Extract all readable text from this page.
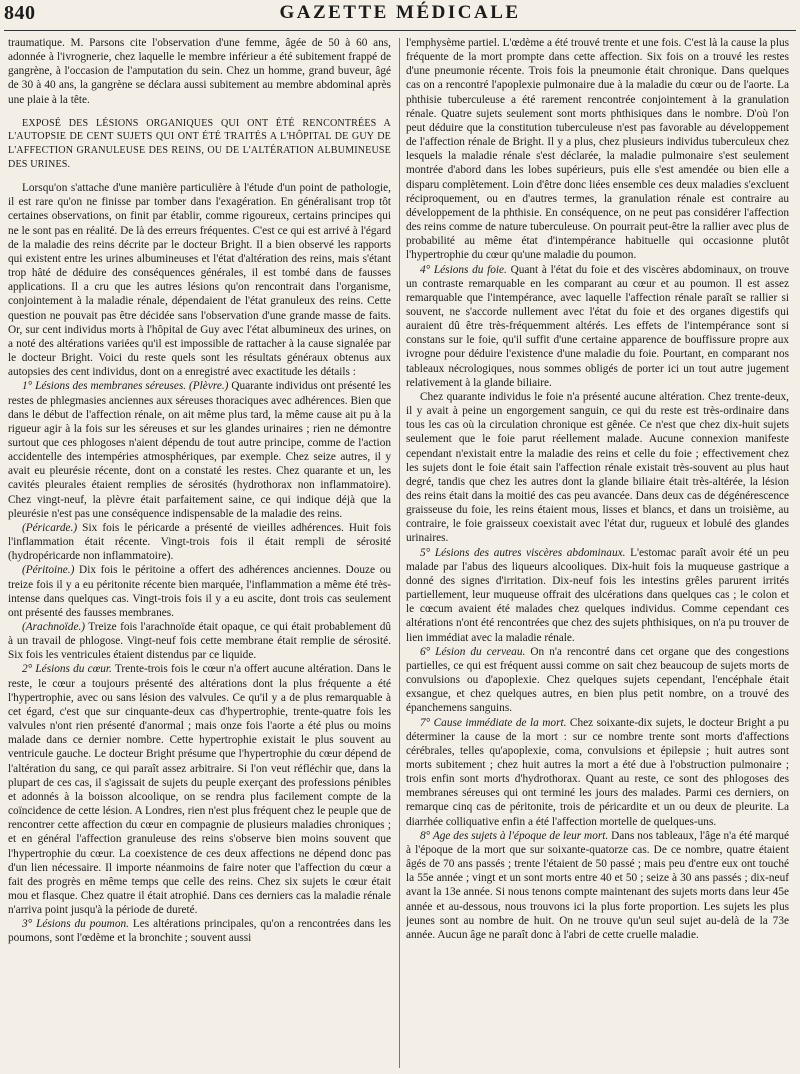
840	GAZETTE MÉDICALE

traumatique. M. Parsons cite l'observation d'une femme, âgée de 50 à 60 ans, adonnée à l'ivrognerie, chez laquelle le membre inférieur a été subitement frappé de gangrène, à l'occasion de l'amputation du sein. Chez un homme, grand buveur, âgé de 30 à 40 ans, la gangrène se déclara aussi subitement au membre abdominal après une plaie à la tête.

EXPOSÉ DES LÉSIONS ORGANIQUES QUI ONT ÉTÉ RENCONTRÉES A L'AUTOPSIE DE CENT SUJETS QUI ONT ÉTÉ TRAITÉS A L'HÔPITAL DE GUY DE L'AFFECTION GRANULEUSE DES REINS, OU DE L'ALTÉRATION ALBUMINEUSE DES URINES.

Lorsqu'on s'attache d'une manière particulière à l'étude d'un point de pathologie, il est rare qu'on ne finisse par tomber dans l'exagération. En généralisant trop tôt certaines observations, on finit par établir, comme rigoureux, certains principes qui ne le sont pas en réalité. De là des erreurs fréquentes. C'est ce qui est arrivé à l'égard de la maladie des reins décrite par le docteur Bright. Il a bien observé les rapports qui existent entre les urines albumineuses et l'état d'altération des reins, mais s'étant trop hâté de déduire des conséquences générales, il est tombé dans de fausses applications. Il a cru que les autres lésions qu'on rencontrait dans l'organisme, conjointement à la maladie rénale, dépendaient de l'état granuleux des reins. Cette question ne pouvait pas être décidée sans l'observation d'une grande masse de faits. Or, sur cent individus morts à l'hôpital de Guy avec l'état albumineux des urines, on a noté des altérations variées qu'il est impossible de rattacher à la cause signalée par le docteur Bright. Voici du reste quels sont les résultats généraux obtenus aux autopsies des cent individus, dont on a enregistré avec exactitude les détails :

1° Lésions des membranes séreuses. (Plèvre.) Quarante individus ont présenté les restes de phlegmasies anciennes aux séreuses thoraciques avec adhérences. Bien que dans le début de l'affection rénale, on ait même plus tard, la même cause ait pu à la rigueur agir à la fois sur les séreuses et sur les glandes urinaires ; rien ne démontre surtout que ces phlogoses n'aient dépendu de tout autre principe, comme de l'action accidentelle des intempéries atmosphériques, par exemple. Chez seize autres, il y avait eu pleurésie récente, dont on a constaté les restes. Chez quarante et un, les cavités pleurales étaient remplies de sérosités (hydrothorax non inflammatoire). Chez vingt-neuf, la plèvre était parfaitement saine, ce qui indique déjà que la pleurésie n'est pas une conséquence indispensable de la maladie des reins.

(Péricarde.) Six fois le péricarde a présenté de vieilles adhérences. Huit fois l'inflammation était récente. Vingt-trois fois il était rempli de sérosité (hydropéricarde non inflammatoire).

(Péritoine.) Dix fois le péritoine a offert des adhérences anciennes. Douze ou treize fois il y a eu péritonite récente bien marquée, l'inflammation a même été très-intense dans quelques cas. Vingt-trois fois il y a eu ascite, dont trois cas seulement ont présenté des fausses membranes.

(Arachnoïde.) Treize fois l'arachnoïde était opaque, ce qui était probablement dû à un travail de phlogose. Vingt-neuf fois cette membrane était remplie de sérosité. Six fois les ventricules étaient distendus par ce liquide.

2° Lésions du cœur. Trente-trois fois le cœur n'a offert aucune altération. Dans le reste, le cœur a toujours présenté des altérations dont la plus fréquente a été l'hypertrophie, avec ou sans lésion des valvules. Ce qu'il y a de plus remarquable à cet égard, c'est que sur cinquante-deux cas d'hypertrophie, trente-quatre fois les valvules n'ont rien présenté d'anormal ; mais onze fois l'aorte a été plus ou moins malade dans ce dernier nombre. Cette hypertrophie existait le plus souvent au ventricule gauche. Le docteur Bright présume que l'hypertrophie du cœur dépend de l'altération du sang, ce qui paraît assez arbitraire. Si l'on veut réfléchir que, dans la plupart de ces cas, il s'agissait de sujets du peuple exerçant des professions pénibles et adonnés à la boisson alcoolique, on se rendra plus facilement compte de la coïncidence de cette lésion. A Londres, rien n'est plus fréquent chez le peuple que de rencontrer cette affection du cœur en compagnie de plusieurs maladies chroniques ; et en général l'affection granuleuse des reins s'observe bien moins souvent que l'hypertrophie du cœur. La coexistence de ces deux affections ne dépend donc pas d'un lien nécessaire. Il importe néanmoins de faire noter que l'affection du cœur a fait des progrès en même temps que celle des reins. Chez six sujets le cœur était mou et flasque. Chez quatre il était atrophié. Dans ces derniers cas la maladie rénale n'arriva point jusqu'à la période de dureté.

3° Lésions du poumon. Les altérations principales, qu'on a rencontrées dans les poumons, sont l'œdème et la bronchite ; souvent aussi

l'emphysème partiel. L'œdème a été trouvé trente et une fois. C'est là la cause la plus fréquente de la mort prompte dans cette affection. Six fois on a trouvé les restes d'une pneumonie récente. Trois fois la pneumonie était chronique. Dans quelques cas on a rencontré l'apoplexie pulmonaire due à la maladie du cœur ou de l'aorte. La phthisie tuberculeuse a été rarement rencontrée conjointement à la granulation rénale. Quatre sujets seulement sont morts phthisiques dans le nombre. D'où l'on peut déduire que la constitution tuberculeuse n'est pas favorable au développement de l'affection rénale de Bright. Il y a plus, chez plusieurs individus tuberculeux chez lesquels la maladie rénale s'est déclarée, la maladie pulmonaire s'est seulement montrée d'abord dans les lobes supérieurs, puis elle s'est amendée ou bien elle a disparu complètement. Loin d'être donc liées ensemble ces deux maladies s'excluent réciproquement, ou en d'autres termes, la granulation rénale est contraire au développement de la phthisie. En conséquence, on ne peut pas considérer l'affection des reins comme de nature tuberculeuse. On pourrait peut-être la rallier avec plus de probabilité au même état d'intempérance habituelle qui occasionne plutôt l'hypertrophie du cœur qu'une maladie du poumon.

4° Lésions du foie. Quant à l'état du foie et des viscères abdominaux, on trouve un contraste remarquable en les comparant au cœur et au poumon. Il est assez remarquable que l'intempérance, avec laquelle l'affection rénale paraît se rallier si souvent, ne s'accorde nullement avec l'état du foie et des organes digestifs qui auraient dû être très-fréquemment altérés. Les effets de l'intempérance sont si constans sur le foie, qu'il suffit d'une certaine apparence de bouffissure propre aux ivrogne pour déduire l'existence d'une maladie du foie. Pourtant, en comparant nos tableaux nécrologiques, nous sommes obligés de porter ici un tout autre jugement relativement à la glande biliaire.

Chez quarante individus le foie n'a présenté aucune altération. Chez trente-deux, il y avait à peine un engorgement sanguin, ce qui du reste est très-ordinaire dans tous les cas où la circulation chronique est gênée. Ce n'est que chez dix-huit sujets seulement que le foie parut réellement malade. Aucune connexion manifeste cependant n'existait entre la maladie des reins et celle du foie ; effectivement chez les sujets dont le foie était sain l'affection rénale existait très-souvent au plus haut degré, tandis que chez les autres dont la glande biliaire était très-altérée, la lésion des reins était dans la moitié des cas peu avancée. Dans deux cas de dégénérescence graisseuse du foie, les reins étaient mous, lisses et blancs, et dans un troisième, au contraire, le foie graisseux coexistait avec l'état dur, rugueux et lobulé des glandes urinaires.

5° Lésions des autres viscères abdominaux. L'estomac paraît avoir été un peu malade par l'abus des liqueurs alcooliques. Dix-huit fois la muqueuse gastrique a donné des signes d'irritation. Dix-neuf fois les intestins grêles parurent irrités partiellement, leur muqueuse offrait des ulcérations dans quelques cas ; le colon et le cœcum avaient été malades chez quelques individus. Comme cependant ces altérations n'ont été rencontrées que chez des sujets phthisiques, on n'a pu trouver de lien immédiat avec la maladie rénale.

6° Lésion du cerveau. On n'a rencontré dans cet organe que des congestions partielles, ce qui est fréquent aussi comme on sait chez beaucoup de sujets morts de convulsions ou d'apoplexie. Chez quelques sujets cependant, l'encéphale était exsangue, et chez quelques autres, en bien plus petit nombre, on a trouvé des épanchemens sanguins.

7° Cause immédiate de la mort. Chez soixante-dix sujets, le docteur Bright a pu déterminer la cause de la mort : sur ce nombre trente sont morts d'affections cérébrales, telles qu'apoplexie, coma, convulsions et épilepsie ; huit autres sont morts subitement ; chez huit autres la mort a été due à l'obstruction pulmonaire ; trois enfin sont morts d'hydrothorax. Quant au reste, ce sont des phlogoses des membranes séreuses qui ont terminé les jours des malades. Parmi ces derniers, on remarque cinq cas de péritonite, trois de péricardite et un ou deux de pleurite. La diarrhée colliquative enfin a été l'affection mortelle de quelques-uns.

8° Age des sujets à l'époque de leur mort. Dans nos tableaux, l'âge n'a été marqué à l'époque de la mort que sur soixante-quatorze cas. De ce nombre, quatre étaient âgés de 70 ans passés ; trente l'étaient de 50 passé ; mais peu d'entre eux ont touché la 55e année ; vingt et un sont morts entre 40 et 50 ; seize à 30 ans passés ; dix-neuf avant la 13e année. Si nous tenons compte maintenant des sujets morts dans leur 45e année et au-dessous, nous trouvons ici la plus forte proportion. Les sujets les plus jeunes sont au nombre de huit. On ne trouve qu'un seul sujet au-delà de la 73e année. Aucun âge ne paraît donc à l'abri de cette cruelle maladie.
